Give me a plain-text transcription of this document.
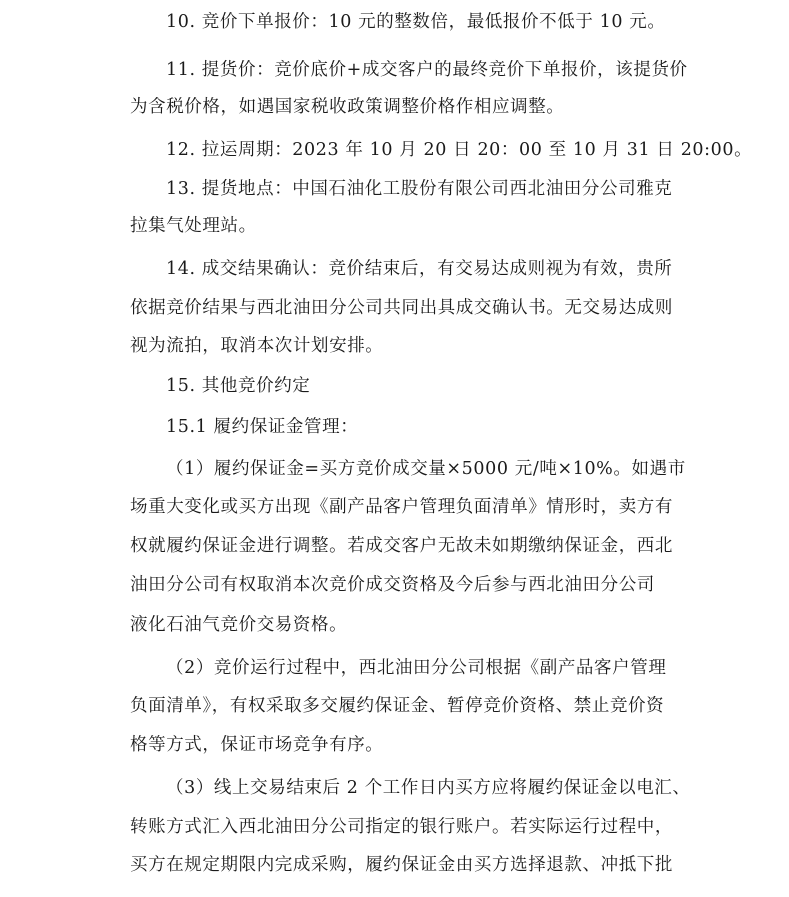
10. 竞价下单报价：10 元的整数倍，最低报价不低于 10 元。
11. 提货价：竞价底价+成交客户的最终竞价下单报价，该提货价
为含税价格，如遇国家税收政策调整价格作相应调整。
12. 拉运周期：2023 年 10 月 20 日 20：00 至 10 月 31 日 20:00。
13. 提货地点：中国石油化工股份有限公司西北油田分公司雅克
拉集气处理站。
14. 成交结果确认：竞价结束后，有交易达成则视为有效，贵所
依据竞价结果与西北油田分公司共同出具成交确认书。无交易达成则
视为流拍，取消本次计划安排。
15. 其他竞价约定
15.1 履约保证金管理：
（1）履约保证金=买方竞价成交量×5000 元/吨×10%。如遇市
场重大变化或买方出现《副产品客户管理负面清单》情形时，卖方有
权就履约保证金进行调整。若成交客户无故未如期缴纳保证金，西北
油田分公司有权取消本次竞价成交资格及今后参与西北油田分公司
液化石油气竞价交易资格。
（2）竞价运行过程中，西北油田分公司根据《副产品客户管理
负面清单》，有权采取多交履约保证金、暂停竞价资格、禁止竞价资
格等方式，保证市场竞争有序。
（3）线上交易结束后 2 个工作日内买方应将履约保证金以电汇、
转账方式汇入西北油田分公司指定的银行账户。若实际运行过程中，
买方在规定期限内完成采购，履约保证金由买方选择退款、冲抵下批
